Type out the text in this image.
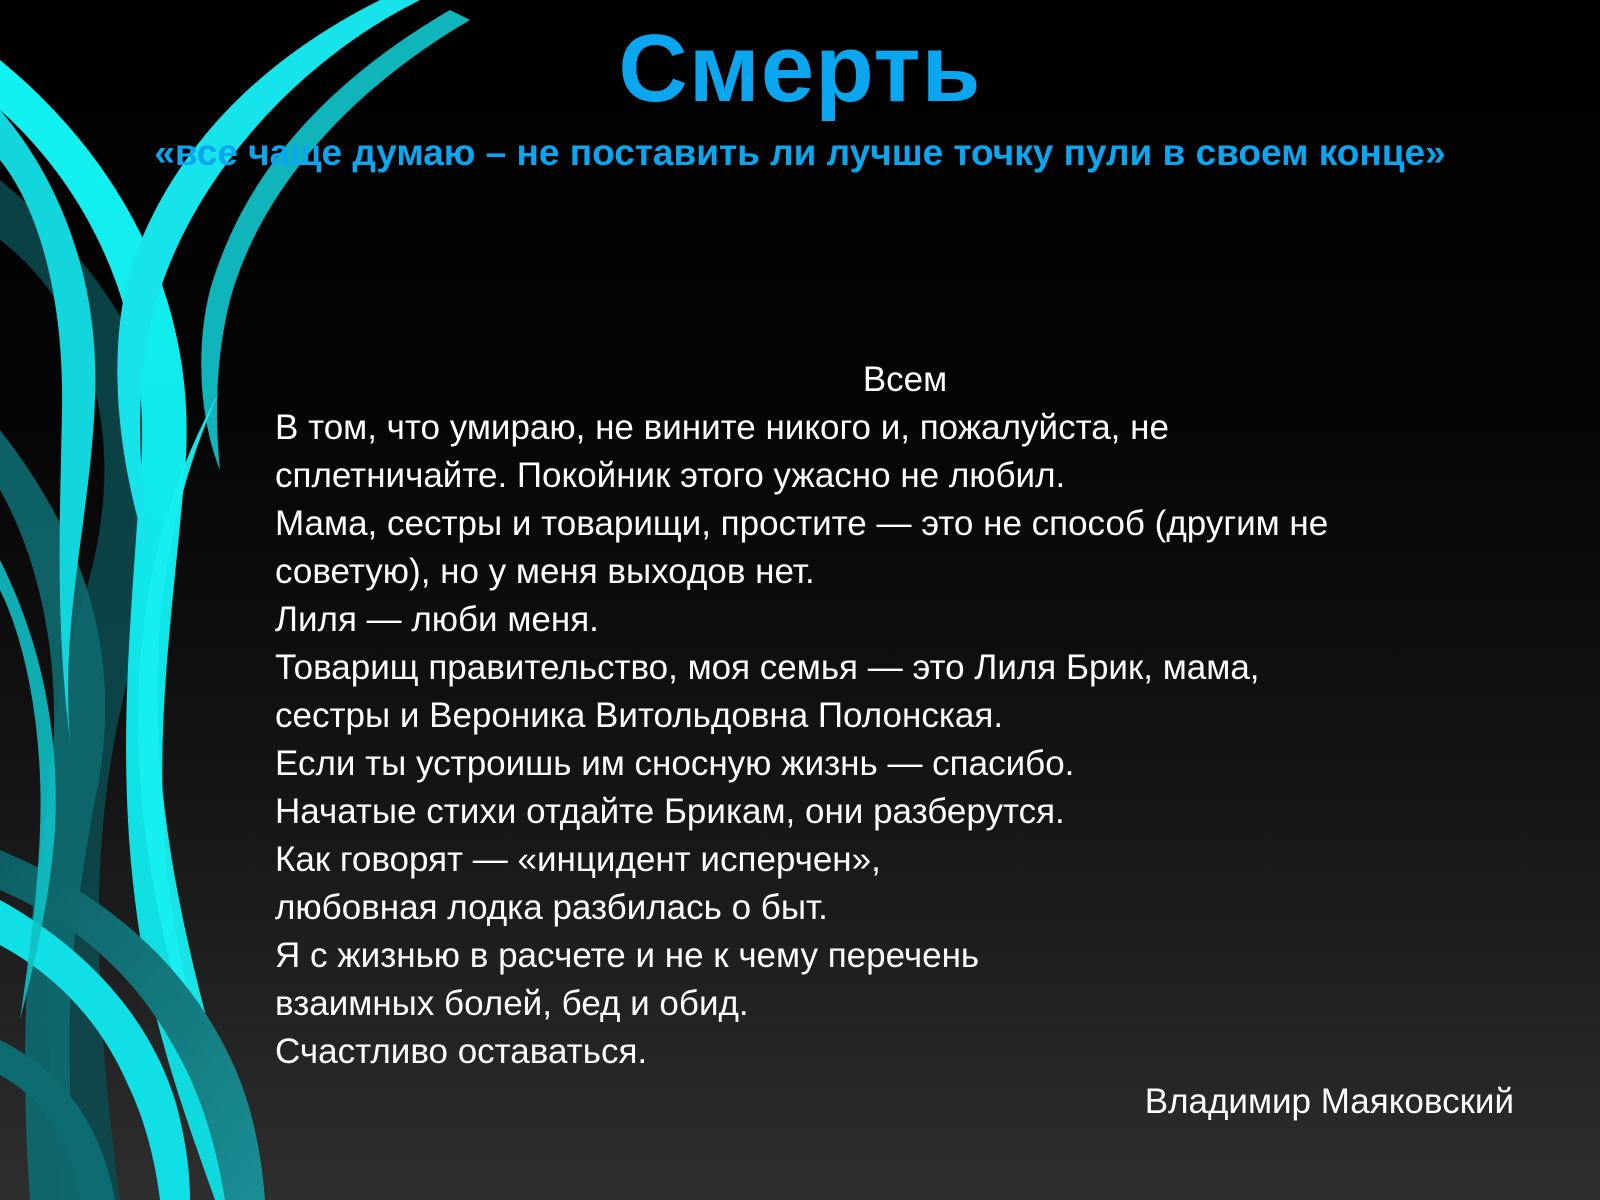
Смерть
«все чаще думаю – не поставить ли лучше точку пули в своем конце»
Всем
В том, что умираю, не вините никого и, пожалуйста, не
сплетничайте. Покойник этого ужасно не любил.
Мама, сестры и товарищи, простите — это не способ (другим не
советую), но у меня выходов нет.
Лиля — люби меня.
Товарищ правительство, моя семья — это Лиля Брик, мама,
сестры и Вероника Витольдовна Полонская.
Если ты устроишь им сносную жизнь — спасибо.
Начатые стихи отдайте Брикам, они разберутся.
Как говорят — «инцидент исперчен»,
любовная лодка разбилась о быт.
Я с жизнью в расчете и не к чему перечень
взаимных болей, бед и обид.
Счастливо оставаться.
Владимир Маяковский
